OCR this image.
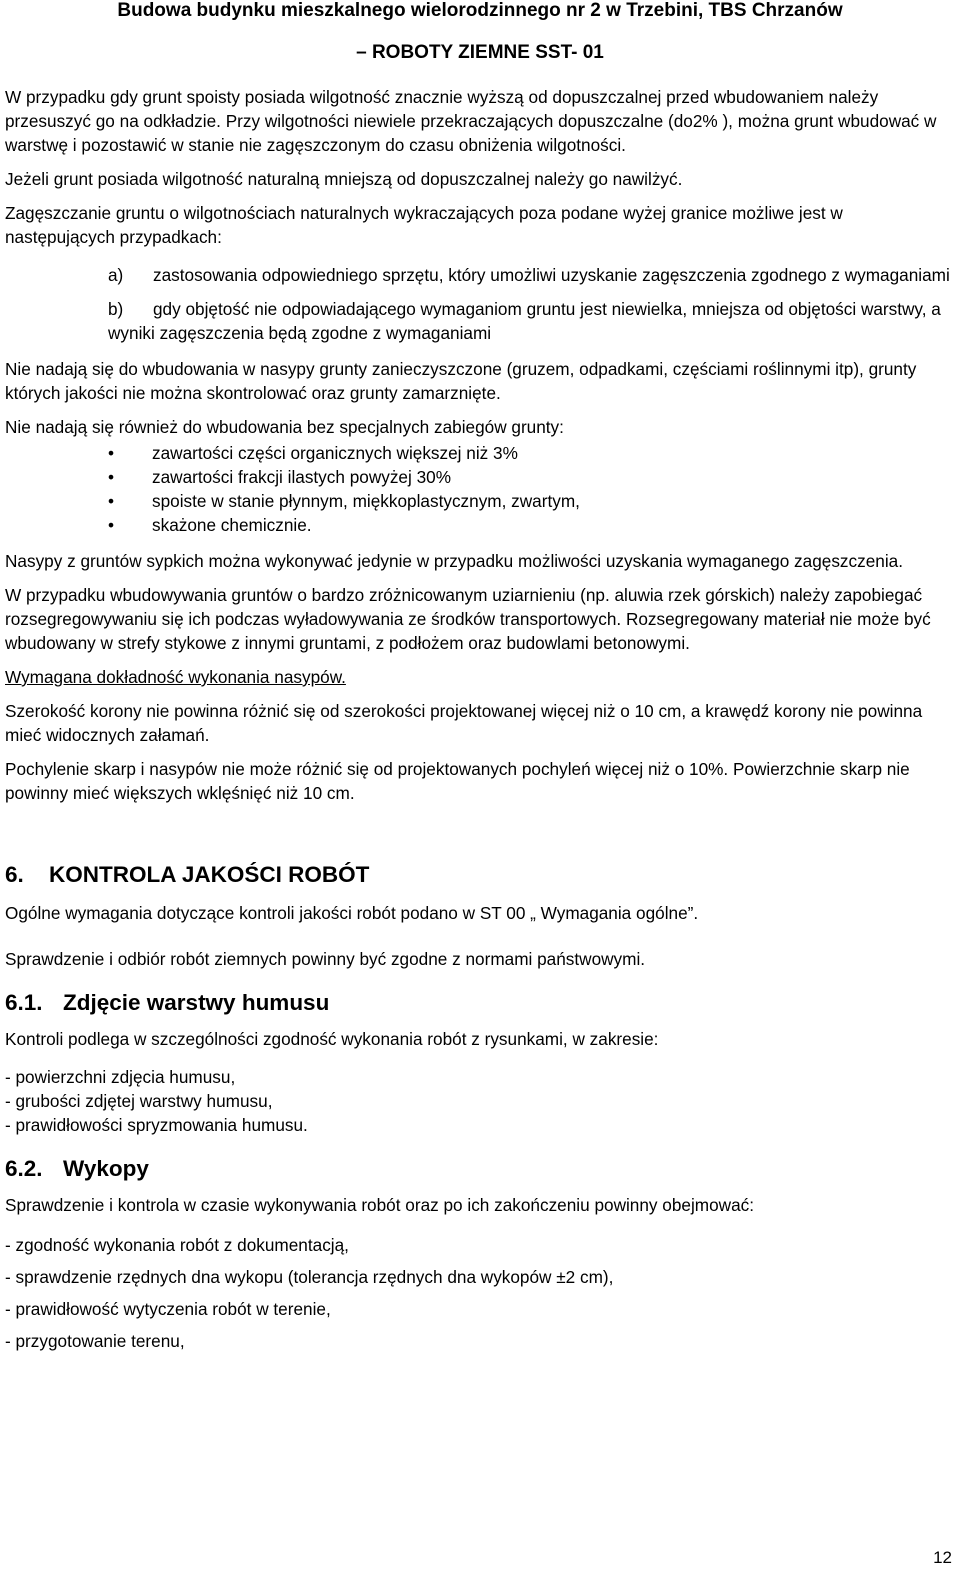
Budowa budynku mieszkalnego wielorodzinnego nr 2 w Trzebini, TBS Chrzanów
– ROBOTY ZIEMNE SST- 01

W przypadku gdy grunt spoisty posiada wilgotność znacznie wyższą od dopuszczalnej przed wbudowaniem należy przesuszyć go na odkładzie. Przy wilgotności niewiele przekraczających dopuszczalne (do2% ), można grunt wbudować w warstwę i pozostawić w stanie nie zagęszczonym do czasu obniżenia wilgotności.

Jeżeli grunt posiada wilgotność naturalną mniejszą od dopuszczalnej należy go nawilżyć.

Zagęszczanie gruntu o wilgotnościach naturalnych wykraczających poza podane wyżej granice możliwe jest w następujących przypadkach:

a) zastosowania odpowiedniego sprzętu, który umożliwi uzyskanie zagęszczenia zgodnego z wymaganiami
b) gdy objętość nie odpowiadającego wymaganiom gruntu jest niewielka, mniejsza od objętości warstwy, a wyniki zagęszczenia będą zgodne z wymaganiami

Nie nadają się do wbudowania w nasypy grunty zanieczyszczone (gruzem, odpadkami, częściami roślinnymi itp), grunty których jakości nie można skontrolować oraz grunty zamarznięte.

Nie nadają się również do wbudowania bez specjalnych zabiegów grunty:

• zawartości części organicznych większej niż 3%
• zawartości frakcji ilastych powyżej 30%
• spoiste w stanie płynnym, miękkoplastycznym, zwartym,
• skażone chemicznie.

Nasypy z gruntów sypkich można wykonywać jedynie w przypadku możliwości uzyskania wymaganego zagęszczenia.

W przypadku wbudowywania gruntów o bardzo zróżnicowanym uziarnieniu (np. aluwia rzek górskich) należy zapobiegać rozsegregowywaniu się ich podczas wyładowywania ze środków transportowych. Rozsegregowany materiał nie może być wbudowany w strefy stykowe z innymi gruntami, z podłożem oraz budowlami betonowymi.

Wymagana dokładność wykonania nasypów.

Szerokość korony nie powinna różnić się od szerokości projektowanej więcej niż o 10 cm, a krawędź korony nie powinna mieć widocznych załamań.

Pochylenie skarp i nasypów nie może różnić się od projektowanych pochyleń więcej niż o 10%. Powierzchnie skarp nie powinny mieć większych wklęśnięć niż 10 cm.

6. KONTROLA JAKOŚCI ROBÓT

Ogólne wymagania dotyczące kontroli jakości robót podano w ST 00 „ Wymagania ogólne”.

Sprawdzenie i odbiór robót ziemnych powinny być zgodne z normami państwowymi.

6.1. Zdjęcie warstwy humusu

Kontroli podlega w szczególności zgodność wykonania robót z rysunkami, w zakresie:

- powierzchni zdjęcia humusu,
- grubości zdjętej warstwy humusu,
- prawidłowości spryzmowania humusu.
6.2. Wykopy

Sprawdzenie i kontrola w czasie wykonywania robót oraz po ich zakończeniu powinny obejmować:

- zgodność wykonania robót z dokumentacją,
- sprawdzenie rzędnych dna wykopu (tolerancja rzędnych dna wykopów ±2 cm),
- prawidłowość wytyczenia robót w terenie,
- przygotowanie terenu,
12
